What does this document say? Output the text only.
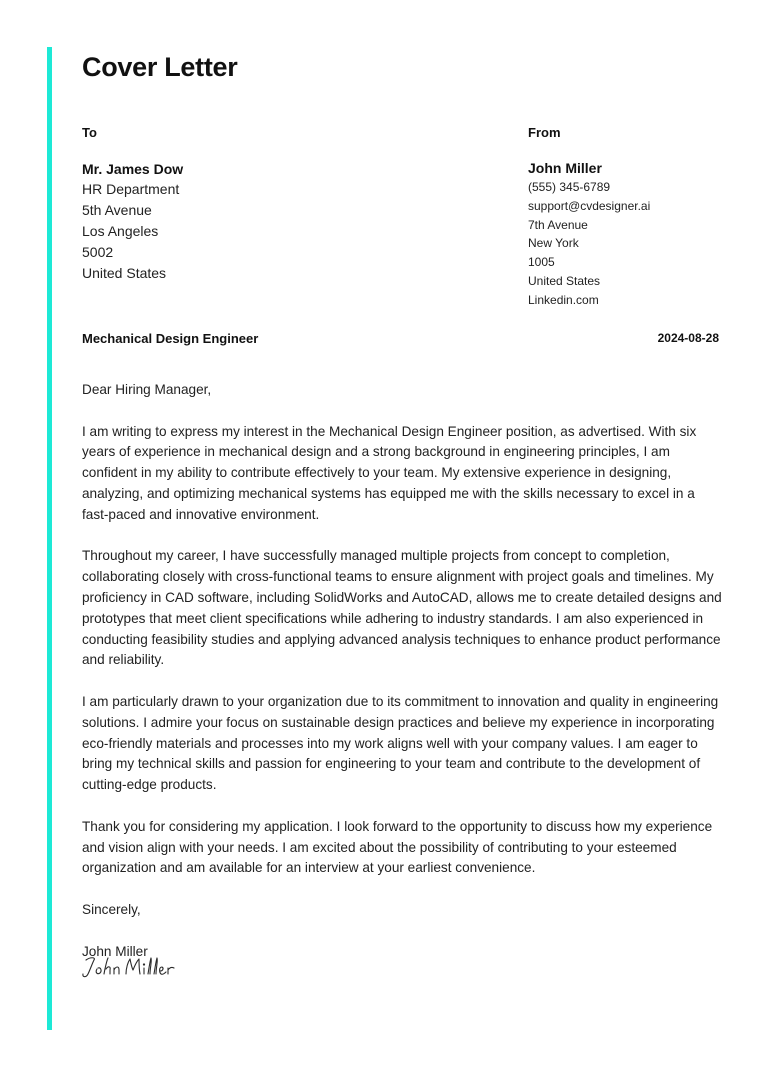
Cover Letter
To	From
Mr. James Dow
HR Department
5th Avenue
Los Angeles
5002
United States
John Miller
(555) 345-6789
support@cvdesigner.ai
7th Avenue
New York
1005
United States
Linkedin.com
Mechanical Design Engineer	2024-08-28

Dear Hiring Manager,

I am writing to express my interest in the Mechanical Design Engineer position, as advertised. With six years of experience in mechanical design and a strong background in engineering principles, I am confident in my ability to contribute effectively to your team. My extensive experience in designing, analyzing, and optimizing mechanical systems has equipped me with the skills necessary to excel in a fast-paced and innovative environment.

Throughout my career, I have successfully managed multiple projects from concept to completion, collaborating closely with cross-functional teams to ensure alignment with project goals and timelines. My proficiency in CAD software, including SolidWorks and AutoCAD, allows me to create detailed designs and prototypes that meet client specifications while adhering to industry standards. I am also experienced in conducting feasibility studies and applying advanced analysis techniques to enhance product performance and reliability.

I am particularly drawn to your organization due to its commitment to innovation and quality in engineering solutions. I admire your focus on sustainable design practices and believe my experience in incorporating eco-friendly materials and processes into my work aligns well with your company values. I am eager to bring my technical skills and passion for engineering to your team and contribute to the development of cutting-edge products.

Thank you for considering my application. I look forward to the opportunity to discuss how my experience and vision align with your needs. I am excited about the possibility of contributing to your esteemed organization and am available for an interview at your earliest convenience.

Sincerely,

John Miller
